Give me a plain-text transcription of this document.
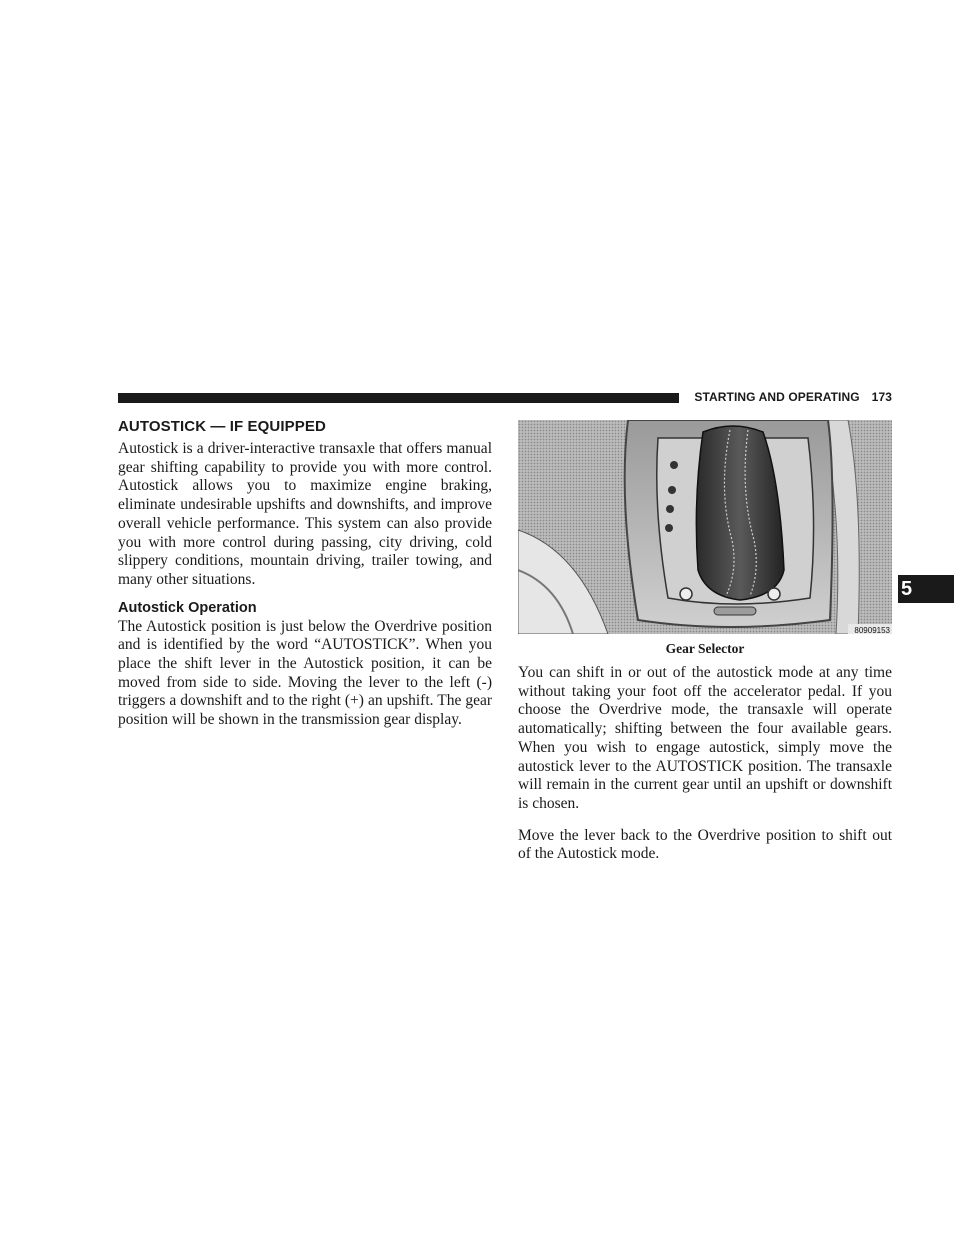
STARTING AND OPERATING 173
AUTOSTICK — IF EQUIPPED

Autostick is a driver-interactive transaxle that offers manual gear shifting capability to provide you with more control. Autostick allows you to maximize engine braking, eliminate undesirable upshifts and downshifts, and improve overall vehicle performance. This system can also provide you with more control during passing, city driving, cold slippery conditions, mountain driving, trailer towing, and many other situations.

Autostick Operation

The Autostick position is just below the Overdrive position and is identified by the word “AUTOSTICK”. When you place the shift lever in the Autostick position, it can be moved from side to side. Moving the lever to the left (-) triggers a downshift and to the right (+) an upshift. The gear position will be shown in the transmission gear display.

80909153
Gear Selector

You can shift in or out of the autostick mode at any time without taking your foot off the accelerator pedal. If you choose the Overdrive mode, the transaxle will operate automatically; shifting between the four available gears. When you wish to engage autostick, simply move the autostick lever to the AUTOSTICK position. The transaxle will remain in the current gear until an upshift or downshift is chosen.

Move the lever back to the Overdrive position to shift out of the Autostick mode.

5
